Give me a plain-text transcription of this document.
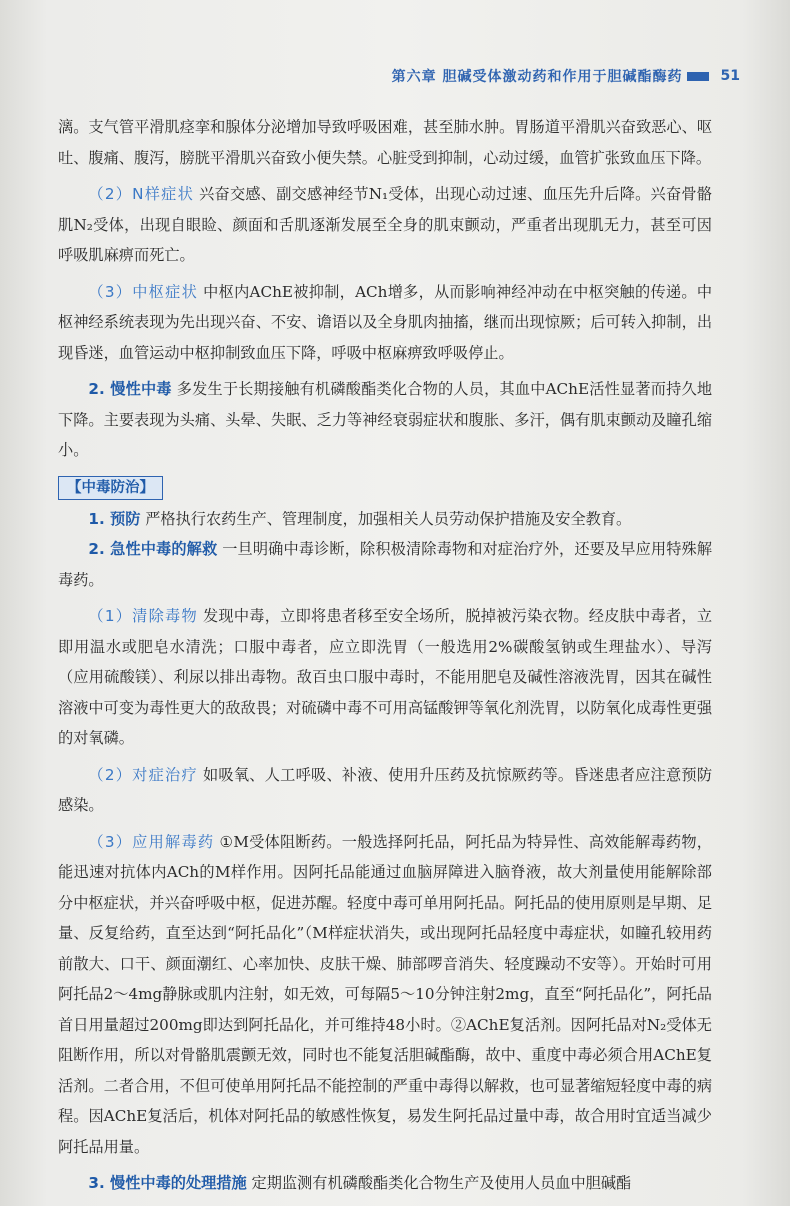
第六章 胆碱受体激动药和作用于胆碱酯酶药	51

漓。支气管平滑肌痉挛和腺体分泌增加导致呼吸困难，甚至肺水肿。胃肠道平滑肌兴奋致恶心、呕吐、腹痛、腹泻，膀胱平滑肌兴奋致小便失禁。心脏受到抑制，心动过缓，血管扩张致血压下降。

（2）N样症状 兴奋交感、副交感神经节N₁受体，出现心动过速、血压先升后降。兴奋骨骼肌N₂受体，出现自眼睑、颜面和舌肌逐渐发展至全身的肌束颤动，严重者出现肌无力，甚至可因呼吸肌麻痹而死亡。

（3）中枢症状 中枢内AChE被抑制，ACh增多，从而影响神经冲动在中枢突触的传递。中枢神经系统表现为先出现兴奋、不安、谵语以及全身肌肉抽搐，继而出现惊厥；后可转入抑制，出现昏迷，血管运动中枢抑制致血压下降，呼吸中枢麻痹致呼吸停止。

2. 慢性中毒 多发生于长期接触有机磷酸酯类化合物的人员，其血中AChE活性显著而持久地下降。主要表现为头痛、头晕、失眠、乏力等神经衰弱症状和腹胀、多汗，偶有肌束颤动及瞳孔缩小。

【中毒防治】

1. 预防 严格执行农药生产、管理制度，加强相关人员劳动保护措施及安全教育。

2. 急性中毒的解救 一旦明确中毒诊断，除积极清除毒物和对症治疗外，还要及早应用特殊解毒药。

（1）清除毒物 发现中毒，立即将患者移至安全场所，脱掉被污染衣物。经皮肤中毒者，立即用温水或肥皂水清洗；口服中毒者，应立即洗胃（一般选用2%碳酸氢钠或生理盐水）、导泻（应用硫酸镁）、利尿以排出毒物。敌百虫口服中毒时，不能用肥皂及碱性溶液洗胃，因其在碱性溶液中可变为毒性更大的敌敌畏；对硫磷中毒不可用高锰酸钾等氧化剂洗胃，以防氧化成毒性更强的对氧磷。

（2）对症治疗 如吸氧、人工呼吸、补液、使用升压药及抗惊厥药等。昏迷患者应注意预防感染。

（3）应用解毒药 ①M受体阻断药。一般选择阿托品，阿托品为特异性、高效能解毒药物，能迅速对抗体内ACh的M样作用。因阿托品能通过血脑屏障进入脑脊液，故大剂量使用能解除部分中枢症状，并兴奋呼吸中枢，促进苏醒。轻度中毒可单用阿托品。阿托品的使用原则是早期、足量、反复给药，直至达到“阿托品化”（M样症状消失，或出现阿托品轻度中毒症状，如瞳孔较用药前散大、口干、颜面潮红、心率加快、皮肤干燥、肺部啰音消失、轻度躁动不安等）。开始时可用阿托品2～4mg静脉或肌内注射，如无效，可每隔5～10分钟注射2mg，直至“阿托品化”，阿托品首日用量超过200mg即达到阿托品化，并可维持48小时。②AChE复活剂。因阿托品对N₂受体无阻断作用，所以对骨骼肌震颤无效，同时也不能复活胆碱酯酶，故中、重度中毒必须合用AChE复活剂。二者合用，不但可使单用阿托品不能控制的严重中毒得以解救，也可显著缩短轻度中毒的病程。因AChE复活后，机体对阿托品的敏感性恢复，易发生阿托品过量中毒，故合用时宜适当减少阿托品用量。

3. 慢性中毒的处理措施 定期监测有机磷酸酯类化合物生产及使用人员血中胆碱酯
